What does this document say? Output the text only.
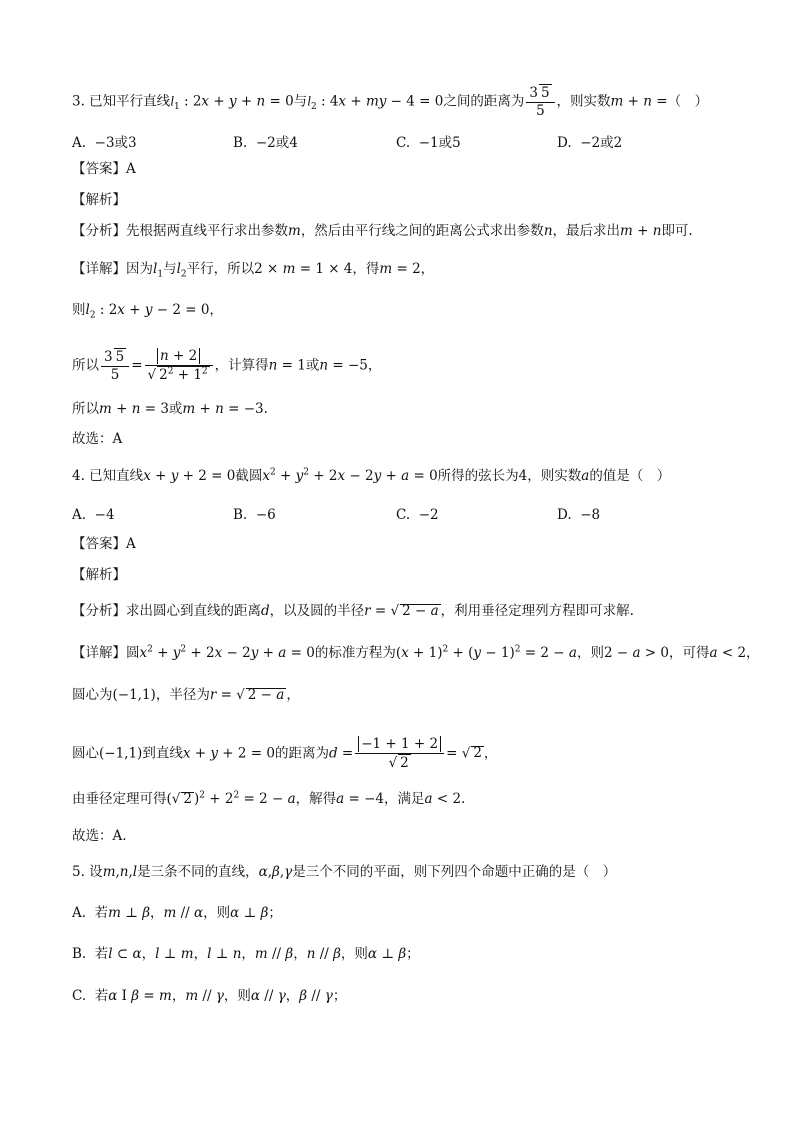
3. 已知平行直线$l_1$ : 2x + y + n = 0与$l_2$ : 4x + my − 4 = 0之间的距离为 $\frac{3 5}{5}$ ，则实数m + n =（　）
A. −3或3	B. −2或4	C. −1或5	D. −2或2
【答案】A
【解析】
【分析】先根据两直线平行求出参数m，然后由平行线之间的距离公式求出参数n，最后求出m + n即可.
【详解】因为$l_1$与$l_2$平行，所以2 × m = 1 × 4，得m = 2，
则$l_2$ : 2x + y − 2 = 0，
所以 $\frac{3 5}{5} = \frac{n + 2}{√ 2^2 + 1^2}$ ，计算得n = 1或n = −5，
所以m + n = 3或m + n = −3.
故选：A
4. 已知直线x + y + 2 = 0截圆$x^2 + y^2 + 2x - 2y + a = 0$所得的弦长为4，则实数a的值是（　）
A. −4	B. −6	C. −2	D. −8
【答案】A
【解析】
【分析】求出圆心到直线的距离d，以及圆的半径r = √ 2 − a ，利用垂径定理列方程即可求解.
【详解】圆$x^2 + y^2 + 2x - 2y + a = 0$的标准方程为$(x + 1)^2 + (y - 1)^2 = 2 - a$，则2 − a > 0，可得a < 2，
圆心为(−1,1)，半径为r = √ 2 − a ，
圆心(−1,1)到直线x + y + 2 = 0的距离为$d = \frac{-1 + 1 + 2}{√ 2}$ = √ 2 ，
由垂径定理可得(√ 2 )$^2 + 2^2 = 2 - a$，解得a = −4，满足a < 2.
故选：A.
5. 设m,n,l是三条不同的直线，α,β,γ是三个不同的平面，则下列四个命题中正确的是（　）
A.  若m ⊥ β，m // α，则α ⊥ β；
B.  若l ⊂ α，l ⊥ m，l ⊥ n，m // β，n // β，则α ⊥ β；
C.  若α I β = m，m // γ，则α // γ，β // γ；
